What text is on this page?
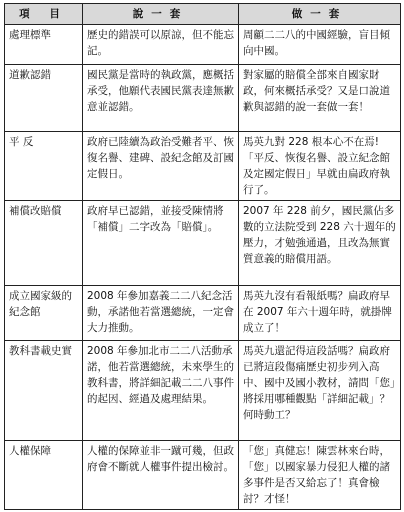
項 目	說一套	做一套
處理標準	歷史的錯誤可以原諒，但不能忘記。	周顧二二八的中國經驗，盲目傾向中國。
道歉認錯	國民黨是當時的執政黨，應概括承受，他願代表國民黨表達無歉意並認錯。	對家屬的賠償全部來自國家財政，何來概括承受？又是口說道歉與認錯的說一套做一套！
平 反	政府已陸續為政治受難者平、恢復名譽、建碑、設紀念館及訂國定假日。	馬英九對 228 根本心不在焉!「平反、恢復名譽、設立紀念館及定國定假日」早就由扁政府執行了。
補償改賠償	政府早已認錯，並接受陳情將「補償」二字改為「賠償」。	2007 年 228 前夕，國民黨佔多數的立法院受到 228 六十週年的壓力，才勉強通過，且改為無實質意義的賠償用語。
成立國家級的紀念館	2008 年參加嘉義二二八紀念活動，承諾他若當選總統，一定會大力推動。	馬英九沒有看報紙嗎？扁政府早在 2007 年六十週年時，就掛牌成立了！
教科書載史實	2008 年參加北市二二八活動承諾，他若當選總統，未來學生的教科書，將詳細記載二二八事件的起因、經過及處理結果。	馬英九還記得這段話嗎？扁政府已將這段傷痛歷史初步列入高中、國中及國小教材，請問「您」將採用哪種觀點「詳細記載」？何時動工？
人權保障	人權的保障並非一蹴可幾，但政府會不斷就人權事件提出檢討。	「您」真健忘！陳雲林來台時，「您」以國家暴力侵犯人權的諸多事件是否又給忘了！真會檢討？才怪！
